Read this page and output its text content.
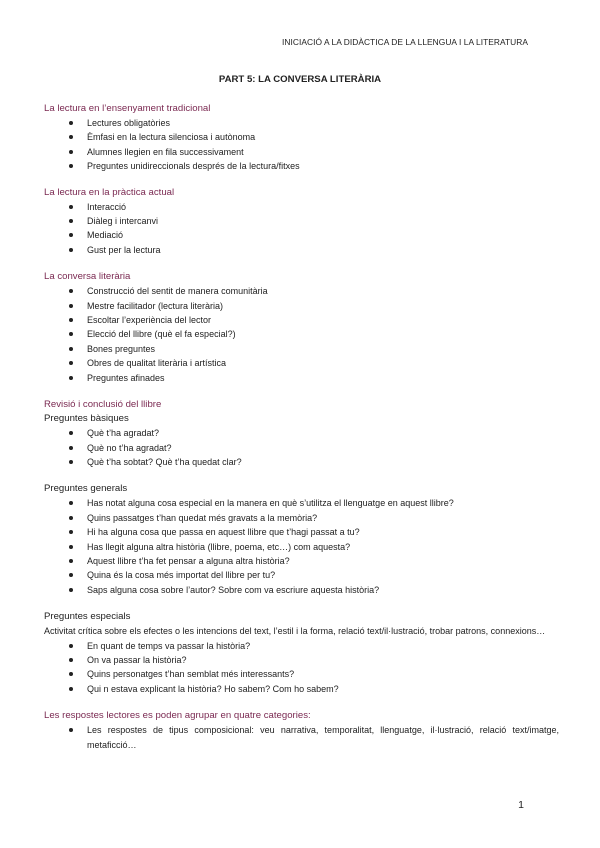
INICIACIÓ A LA DIDÀCTICA DE LA LLENGUA I LA LITERATURA
PART 5: LA CONVERSA LITERÀRIA
La lectura en l’ensenyament tradicional
Lectures obligatòries
Èmfasi en la lectura silenciosa i autònoma
Alumnes llegien en fila successivament
Preguntes unidireccionals després de la lectura/fitxes
La lectura en la pràctica actual
Interacció
Diàleg i intercanvi
Mediació
Gust per la lectura
La conversa literària
Construcció del sentit de manera comunitària
Mestre facilitador (lectura literària)
Escoltar l’experiència del lector
Elecció del llibre (què el fa especial?)
Bones preguntes
Obres de qualitat literària i artística
Preguntes afinades
Revisió i conclusió del llibre
Preguntes bàsiques
Què t’ha agradat?
Què no t’ha agradat?
Què t’ha sobtat? Què t’ha quedat clar?
Preguntes generals
Has notat alguna cosa especial en la manera en què s’utilitza el llenguatge en aquest llibre?
Quins passatges t’han quedat més gravats a la memòria?
Hi ha alguna cosa que passa en aquest llibre que t’hagi passat a tu?
Has llegit alguna altra història (llibre, poema, etc…) com aquesta?
Aquest llibre t’ha fet pensar a alguna altra història?
Quina és la cosa més importat del llibre per tu?
Saps alguna cosa sobre l’autor? Sobre com va escriure aquesta història?
Preguntes especials
Activitat crítica sobre els efectes o les intencions del text, l’estil i la forma, relació text/il·lustració, trobar patrons, connexions…
En quant de temps va passar la història?
On va passar la història?
Quins personatges t’han semblat més interessants?
Qui n estava explicant la història? Ho sabem? Com ho sabem?
Les respostes lectores es poden agrupar en quatre categories:
Les respostes de tipus composicional: veu narrativa, temporalitat, llenguatge, il·lustració, relació text/imatge, metaficció…
1
